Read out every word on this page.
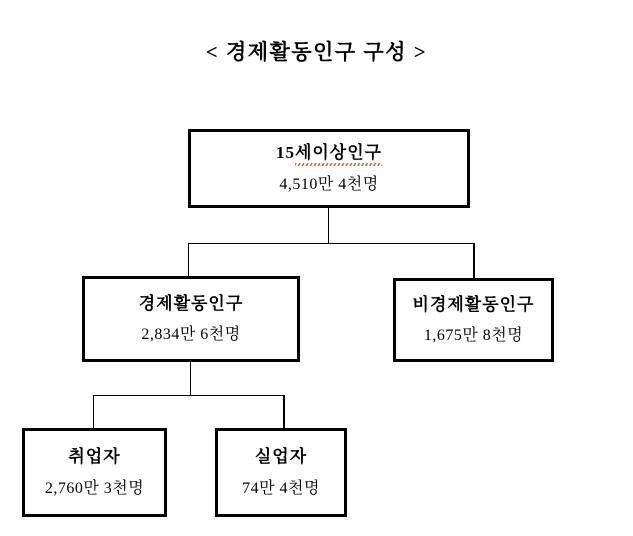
< 경제활동인구 구성 >
15세이상인구
4,510만 4천명
경제활동인구
2,834만 6천명
비경제활동인구
1,675만 8천명
취업자
2,760만 3천명
실업자
74만 4천명
